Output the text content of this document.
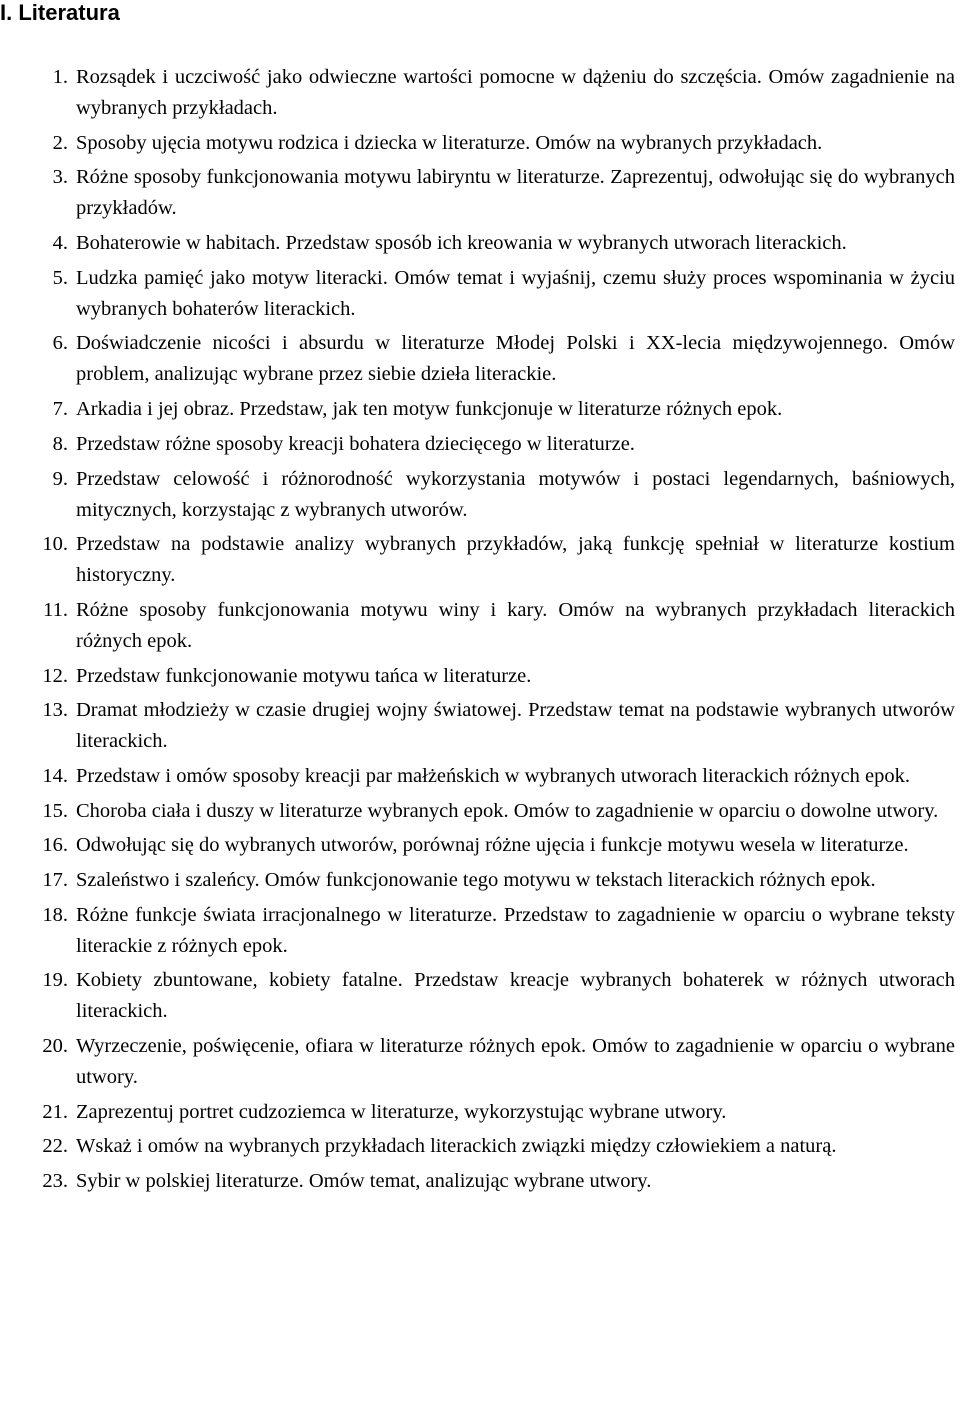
I. Literatura
1. Rozsądek i uczciwość jako odwieczne wartości pomocne w dążeniu do szczęścia. Omów zagadnienie na wybranych przykładach.
2. Sposoby ujęcia motywu rodzica i dziecka w literaturze. Omów na wybranych przykładach.
3. Różne sposoby funkcjonowania motywu labiryntu w literaturze. Zaprezentuj, odwołując się do wybranych przykładów.
4. Bohaterowie w habitach. Przedstaw sposób ich kreowania w wybranych utworach literackich.
5. Ludzka pamięć jako motyw literacki. Omów temat i wyjaśnij, czemu służy proces wspominania w życiu wybranych bohaterów literackich.
6. Doświadczenie nicości i absurdu w literaturze Młodej Polski i XX-lecia międzywojennego. Omów problem, analizując wybrane przez siebie dzieła literackie.
7. Arkadia i jej obraz. Przedstaw, jak ten motyw funkcjonuje w literaturze różnych epok.
8. Przedstaw różne sposoby kreacji bohatera dziecięcego w literaturze.
9. Przedstaw celowość i różnorodność wykorzystania motywów i postaci legendarnych, baśniowych, mitycznych, korzystając z wybranych utworów.
10. Przedstaw na podstawie analizy wybranych przykładów, jaką funkcję spełniał w literaturze kostium historyczny.
11. Różne sposoby funkcjonowania motywu winy i kary. Omów na wybranych przykładach literackich różnych epok.
12. Przedstaw funkcjonowanie motywu tańca w literaturze.
13. Dramat młodzieży w czasie drugiej wojny światowej. Przedstaw temat na podstawie wybranych utworów literackich.
14. Przedstaw i omów sposoby kreacji par małżeńskich w wybranych utworach literackich różnych epok.
15. Choroba ciała i duszy w literaturze wybranych epok. Omów to zagadnienie w oparciu o dowolne utwory.
16. Odwołując się do wybranych utworów, porównaj różne ujęcia i funkcje motywu wesela w literaturze.
17. Szaleństwo i szaleńcy. Omów funkcjonowanie tego motywu w tekstach literackich różnych epok.
18. Różne funkcje świata irracjonalnego w literaturze. Przedstaw to zagadnienie w oparciu o wybrane teksty literackie z różnych epok.
19. Kobiety zbuntowane, kobiety fatalne. Przedstaw kreacje wybranych bohaterek w różnych utworach literackich.
20. Wyrzeczenie, poświęcenie, ofiara w literaturze różnych epok. Omów to zagadnienie w oparciu o wybrane utwory.
21. Zaprezentuj portret cudzoziemca w literaturze, wykorzystując wybrane utwory.
22. Wskaż i omów na wybranych przykładach literackich związki między człowiekiem a naturą.
23. Sybir w polskiej literaturze. Omów temat, analizując wybrane utwory.
